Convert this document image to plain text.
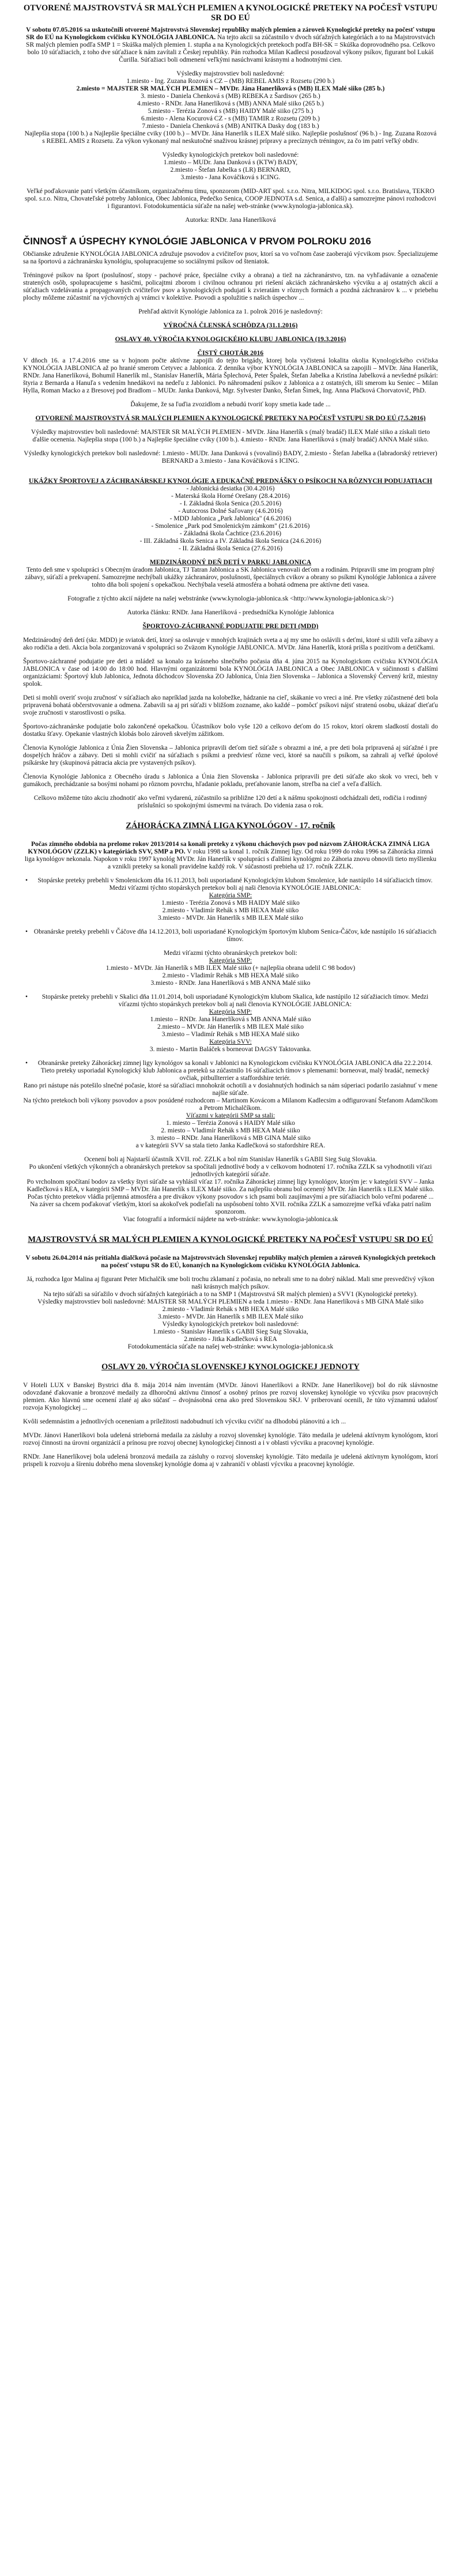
OTVORENÉ MAJSTROVSTVÁ SR MALÝCH PLEMIEN A KYNOLOGICKÉ PRETEKY NA POČESŤ VSTUPU SR DO EÚ

V sobotu 07.05.2016 sa uskutočnili otvorené Majstrovstvá Slovenskej republiky malých plemien a zároveň Kynologické preteky na počesť vstupu SR do EÚ na Kynologickom cvičisku KYNOLÓGIA JABLONICA. Na tejto akcii sa zúčastnilo v dvoch súťažných kategóriách a to na Majstrovstvách SR malých plemien podľa SMP 1 = Skúška malých plemien 1. stupňa a na Kynologických pretekoch podľa BH-SK = Skúška doprovodného psa. Celkovo bolo 10 súťažiacich, z toho dve súťažiace k nám zavítali z Českej republiky. Pán rozhodca Milan Kadlecsi posudzoval výkony psíkov, figurant bol Lukáš Čurilla. Súťažiaci boli odmenení veľkými nasúchvami krásnymi a hodnotnými cien.

Výsledky majstrovstiev boli nasledovné:
1.miesto - Ing. Zuzana Rozová s CZ – (MB) REBEL AMIS z Rozsetu (290 b.)
2.miesto = MAJSTER SR MALÝCH PLEMIEN – MVDr. Jána Hanerlíková s (MB) ILEX Malé siiko (285 b.)
3. miesto - Daniela Chenková s (MB) REBEKA z Šardisov (265 b.)
4.miesto - RNDr. Jana Hanerlíková s (MB) ANNA Malé siiko (265 b.)
5.miesto - Terézia Zonová s (MB) HAIDY Malé siiko (275 b.)
6.miesto - Alena Kocurová CZ - s (MB) TAMIR z Rozsetu (209 b.)
7.miesto - Daniela Chenková s (MB) ANITKA Dasky dog (183 b.)
Najlepšia stopa (100 b.) a Najlepšie špeciálne cviky (100 b.) – MVDr. Jána Hanerlík s ILEX Malé siiko. Najlepšie poslušnosť (96 b.) - Ing. Zuzana Rozová s REBEL AMIS z Rozsetu. Za výkon vykonaný mal neskutočné snaživou krásnej prípravy a precíznych tréningov, za čo im patrí veľký obdiv.
Výsledky kynologických pretekov boli nasledovné:
1.miesto – MUDr. Jana Danková s (KTW) BADY,
2.miesto - Štefan Jabelka s (LR) BERNARD,
3.miesto - Jana Kováčiková s ICING.

Veľké poďakovanie patrí všetkým účastníkom, organizačnému tímu, sponzorom (MID-ART spol. s.r.o. Nitra, MILKIDOG spol. s.r.o. Bratislava, TEKRO spol. s.r.o. Nitra, Chovateľské potreby Jablonica, Obec Jablonica, Pedečko Senica, COOP JEDNOTA s.d. Senica, a ďalší) a samozrejme pánovi rozhodcovi i figurantovi. Fotodokumentácia súťaže na našej web-stránke (www.kynologia-jablonica.sk).

Autorka: RNDr. Jana Hanerlíková

ČINNOSŤ A ÚSPECHY KYNOLÓGIE JABLONICA V PRVOM POLROKU 2016

Občianske združenie KYNOLÓGIA JABLONICA združuje psovodov a cvičiteľov psov, ktorí sa vo voľnom čase zaoberajú výcvikom psov. Špecializujeme sa na športovú a záchranársku kynológiu, spolupracujeme so sociálnymi psíkov od šteniatok.

Tréningové psíkov na šport (poslušnosť, stopy - pachové práce, špeciálne cviky a obrana) a tiež na záchranárstvo, tzn. na vyhľadávanie a označenie stratených osôb, spolupracujeme s hasičmi, policajtmi zborom i civilnou ochranou pri riešení akciách záchranárskeho výcviku a aj ostatných akcií a súťažiach vzdelávania a propagovaných cvičiteľov psov a kynologických podujatí k zvieratám v rôznych formách a pozdná záchranárov k ... v priebehu plochy môžeme zúčastniť na výchovných aj vrámci v kolektíve. Psovodi a spolužitie s našich úspechov ...

Prehľad aktivít Kynológie Jablonica za 1. polrok 2016 je nasledovný:

VÝROČNÁ ČLENSKÁ SCHÔDZA (31.1.2016)
OSLAVY 40. VÝROČIA KYNOLOGICKÉHO KLUBU JABLONICA (19.3.2016)
ČISTÝ CHOTÁR 2016

V dňoch 16. a 17.4.2016 sme sa v hojnom počte aktívne zapojili do tejto brigády, ktorej bola vyčistená lokalita okolia Kynologického cvičiska KYNOLÓGIA JABLONICA až po hranié smerom Cetyvec a Jablonica. Z denníka výbor KYNOLÓGIA JABLONICA sa zapojili – MVDr. Jána Hanerlík, RNDr. Jana Hanerlíková, Bohumil Hanerlík ml., Stanislav Hanerlík, Mária Šplechová, Peter Špalek, Štefan Jabelka a Kristína Jabelková a nevšedné psíkári: štyria z Bernarda a Hanuľa s vedením hnedákovi na nedeľu z Jablonici. Po náhromadení psíkov z Jablonica a z ostatných, išli smerom ku Seniec – Milan Hylla, Roman Macko a z Bresovej pod Bradlom – MUDr. Janka Danková, Mgr. Sylvester Danko, Štefan Šimek, Ing. Anna Plačková Chorvatovič, PhD.

Ďakujeme, že sa ľuďia zvozidlom a nebudú tvoriť kopy smetia kade tade ...

OTVORENÉ MAJSTROVSTVÁ SR MALÝCH PLEMIEN A KYNOLOGICKÉ PRETEKY NA POČESŤ VSTUPU SR DO EÚ (7.5.2016)

Výsledky majstrovstiev boli nasledovné: MAJSTER SR MALÝCH PLEMIEN - MVDr. Jána Hanerlík s (malý bradáč) ILEX Malé siiko a získali tieto ďalšie ocenenia. Najlepšia stopa (100 b.) a Najlepšie špeciálne cviky (100 b.). 4.miesto - RNDr. Jana Hanerlíková s (malý bradáč) ANNA Malé siiko.

Výsledky kynologických pretekov boli nasledovné: 1.miesto - MUDr. Jana Danková s (vovalinó) BADY, 2.miesto - Štefan Jabelka a (labradorský retriever) BERNARD a 3.miesto - Jana Kováčiková s ICING.

UKÁŽKY ŠPORTOVEJ A ZÁCHRANÁRSKEJ KYNOLÓGIE A EDUKAČNÉ PREDNÁŠKY O PSÍKOCH NA RÔZNYCH PODUJATIACH
- Jablonická desiatka (30.4.2016)
- Materská škola Horné Orešany (28.4.2016)
- I. Základná škola Senica (20.5.2016)
- Autocross Dolné Saľovany (4.6.2016)
- MDD Jablonica „Park Jablonica" (4.6.2016)
- Smolenice „Park pod Smolenickým zámkom" (21.6.2016)
- Základná škola Čachtice (23.6.2016)
- III. Základná škola Senica a IV. Základná škola Senica (24.6.2016)
- II. Základná škola Senica (27.6.2016)
MEDZINÁRODNÝ DEŇ DETÍ V PARKU JABLONICA

Tento deň sme v spolupráci s Obecným úradom Jablonica, TJ Tatran Jablonica a SK Jablonica venovali deťom a rodinám. Pripravili sme im program plný zábavy, súťaží a prekvapení. Samozrejme nechýbali ukážky záchranárov, poslušnosti, špeciálnych cvikov a obrany so psíkmi Kynológie Jablonica a závere tohto dňa boli spojení s opekačkou. Nechýbala veselá atmosféra a bohatá odmena pre aktívne deti vasea.

Fotografie z týchto akcií nájdete na našej webstránke (www.kynologia-jablonica.sk <http://www.kynologia-jablonica.sk/>)

Autorka článku: RNDr. Jana Hanerlíková - predsedníčka Kynológie Jablonica

ŠPORTOVO-ZÁCHRANNÉ PODUJATIE PRE DETI (MDD)

Medzinárodný deň detí (skr. MDD) je sviatok detí, ktorý sa oslavuje v mnohých krajinách sveta a aj my sme ho oslávili s deťmi, ktoré si užili veľa zábavy a ako rodičia a deti. Akcia bola zorganizovaná v spolupráci so Zväzom Kynológie JABLONICA. MVDr. Jána Hanerlík, ktorá prišla s pozitívom a detičkami.

Športovo-záchranné podujatie pre deti a mládež sa konalo za krásneho slnečného počasia dňa 4. júna 2015 na Kynologickom cvičisku KYNOLÓGIA JABLONICA v čase od 14:00 do 18:00 hod. Hlavnými organizátormi bola KYNOLÓGIA JABLONICA a Obec JABLONICA v súčinnosti s ďalšími organizáciami: Športový klub Jablonica, Jednota dôchodcov Slovenska ZO Jablonica, Únia žien Slovenska – Jablonica a Slovenský Červený kríž, miestny spolok.

Deti si mohli overiť svoju zručnosť v súťažiach ako napríklad jazda na kolobežke, hádzanie na cieľ, skákanie vo vreci a iné. Pre všetky zúčastnené deti bola pripravená bohatá občerstvovanie a odmena. Zabavili sa aj pri súťaži v bližšom zozname, ako každé – pomôcť psíkovi nájsť stratenú osobu, ukázať dieťaťu svoje zručnosti v starostlivosti o psíka.

Športovo-záchranárske podujatie bolo zakončené opekačkou. Účastníkov bolo vyše 120 a celkovo deťom do 15 rokov, ktorí okrem sladkostí dostali do dostatku šťavy. Opekanie vlastných klobás bolo zároveň skvelým zážitkom.

Členovia Kynológie Jablonica z Únia Žien Slovenska – Jablonica pripravili deťom tiež súťaže s obrazmi a iné, a pre deti bola pripravená aj súťažné i pre dospelých hráčov a zábavy. Deti si mohli cvičiť na súťažiach s psíkmi a predviesť rôzne veci, ktoré sa naučili s psíkom, sa zahrali aj veľké úpolové psíkárske hry (skupinová pátracia akcia pre vystavených psíkov).

Členovia Kynológie Jablonica z Obecného úradu s Jablonica a Únia žien Slovenska - Jablonica pripravili pre deti súťaže ako skok vo vreci, beh v gumákoch, prechádzanie sa bosými nohami po rôznom povrchu, hľadanie pokladu, preťahovanie lanom, streľba na cieľ a veľa ďalších.

Celkovo môžeme túto akciu zhodnotiť ako veľmi vydarenú, zúčastnilo sa približne 120 detí a k nášmu spokojnosti odchádzali deti, rodičia i rodinný príslušníci so spokojnými úsmevmi na tvárach. Do videnia zasa o rok.

ZÁHORÁCKA ZIMNÁ LIGA KYNOLÓGOV - 17. ročník

Počas zimného obdobia na prelome rokov 2013/2014 sa konali preteky z výkonu cháchových psov pod názvom ZÁHORÁCKA ZIMNÁ LIGA KYNOLÓGOV (ZZLK) v kategóriách SVV, SMP a PO. V roku 1998 sa konal 1. ročník Zimnej ligy. Od roku 1999 do roku 1996 sa Záhorácka zimná liga kynológov nekonala. Napokon v roku 1997 kynológ MVDr. Ján Hanerlík v spolupráci s ďalšími kynológmi zo Záhoria znovu obnovili tieto myšlienku a vznikli preteky sa konali pravidelne každý rok. V súčasnosti prebieha už 17. ročník ZZLK.

• Stopárske preteky prebehli v Smolenickom dňa 16.11.2013, boli usporiadané Kynologickým klubom Smolenice, kde nastúpilo 14 súťažiacich tímov. Medzi víťazmi týchto stopárskych pretekov boli aj naši členovia KYNOLÓGIE JABLONICA:
Kategória SMP:
1.miesto - Terézia Zonová s MB HAIDY Malé siiko
2.miesto - Vladimír Rehák s MB HEXA Malé siiko
3.miesto - MVDr. Ján Hanerlík s MB ILEX Malé siiko
• Obranárske preteky prebehli v Čáčove dňa 14.12.2013, boli usporiadané Kynologickým športovým klubom Senica-Čáčov, kde nastúpilo 16 súťažiacich tímov.
Medzi víťazmi týchto obranárskych pretekov boli:
Kategória SMP:
1.miesto - MVDr. Ján Hanerlík s MB ILEX Malé siiko (+ najlepšia obrana udelil C 98 bodov)
2.miesto - Vladimír Rehák s MB HEXA Malé siiko
3.miesto - RNDr. Jana Hanerlíková s MB ANNA Malé siiko
• Stopárske preteky prebehli v Skalici dňa 11.01.2014, boli usporiadané Kynologickým klubom Skalica, kde nastúpilo 12 súťažiacich tímov. Medzi víťazmi týchto stopárskych pretekov boli aj naši členovia KYNOLÓGIE JABLONICA:
Kategória SMP:
1.miesto – RNDr. Jana Hanerlíková s MB ANNA Malé siiko
2.miesto – MVDr. Ján Hanerlík s MB ILEX Malé siiko
3.miesto – Vladimír Rehák s MB HEXA Malé siiko
Kategória SVV:
3. miesto - Martin Baláček s borneovat DAGSY Taktovanka.
• Obranárske preteky Záhoráckej zimnej ligy kynológov sa konali v Jablonici na Kynologickom cvičisku KYNOLÓGIA JABLONICA dňa 22.2.2014. Tieto preteky usporiadal Kynologický klub Jablonica a preteků sa zúčastnilo 16 súťažiacich tímov s plemenami: borneovat, malý bradáč, nemecký ovčiak, pitbullterrier a staffordshire teriér.
Rano pri nástupe nás potešilo slnečné počasie, ktoré sa súťažiaci mnohokrát ochotili a v dosiahnutých hodinách sa nám súperiaci podarilo zasiahnuť v mene najšie súťaže.
Na týchto pretekoch boli výkony psovodov a psov posúdené rozhodcom – Martinom Kovácom a Milanom Kadlecsim a odfigurovaní Štefanom Adamčíkom a Petrom Michalčíkom.
Víťazmi v kategórii SMP sa stali:
1. miesto – Terézia Zonová s HAIDY Malé siiko
2. miesto – Vladimír Rehák s MB HEXA Malé siiko
3. miesto – RNDr. Jana Hanerlíková s MB GINA Malé siiko
a v kategórii SVV sa stala tieto Janka Kadlečková so stafordshire REA.
Ocenení boli aj Najstarší účastník XVII. roč. ZZLK a bol ním Stanislav Hanerlík s GABII Sieg Suig Slovakia.
Po ukončení všetkých výkonných a obranárskych pretekov sa spočítali jednotlivé body a v celkovom hodnotení 17. ročníka ZZLK sa vyhodnotili víťazi jednotlivých kategórií súťaže.
Po vrcholnom spočítaní bodov za všetky štyri súťaže sa vyhlásil víťaz 17. ročníka Záhoráckej zimnej ligy kynológov, ktorým je: v kategórii SVV – Janka Kadlečková s REA, v kategórii SMP – MVDr. Ján Hanerlík s ILEX Malé siiko. Za najlepšiu obranu bol ocenený MVDr. Ján Hanerlík s ILEX Malé siiko.
Počas týchto pretekov vládla príjemná atmosféra a pre divákov výkony psovodov s ich psami boli zaujímavými a pre súťažiacich bolo veľmi podarené ...
Na záver sa chcem poďakovať všetkým, ktorí sa akokoľvek podieľali na uspôsobení tohto XVII. ročníka ZZLK a samozrejme veľká vďaka patrí našim sponzorom.
Viac fotografií a informácií nájdete na web-stránke: www.kynologia-jablonica.sk
MAJSTROVSTVÁ SR MALÝCH PLEMIEN A KYNOLOGICKÉ PRETEKY NA POČESŤ VSTUPU SR DO EÚ

V sobotu 26.04.2014 nás prítiahla dialčková počasie na Majstrovstvách Slovenskej republiky malých plemien a zároveň Kynologických pretekoch na počesť vstupu SR do EÚ, konaných na Kynologickom cvičisku KYNOLÓGIA Jablonica.

Já, rozhodca Igor Malina aj figurant Peter Michalčík sme boli trochu zklamaní z počasia, no nebrali sme to na dobrý náklad. Mali sme presvedčivý výkon naši krásnych malých psíkov.
Na tejto súťaži sa súťažilo v dvoch súťažných kategóriách a to na SMP 1 (Majstrovstvá SR malých plemien) a SVV1 (Kynologické preteky).
Výsledky majstrovstiev boli nasledovné: MAJSTER SR MALÝCH PLEMIEN a teda 1.miesto - RNDr. Jana Hanerlíková s MB GINA Malé siiko
2.miesto - Vladimír Rehák s MB HEXA Malé siiko
3.miesto - MVDr. Ján Hanerlík s MB ILEX Malé siiko
Výsledky kynologických pretekov boli nasledovné:
1.miesto - Stanislav Hanerlík s GABII Sieg Suig Slovakia,
2.miesto - Jitka Kadlečková s REA
Fotodokumentácia súťaže na našej web-stránke: www.kynologia-jablonica.sk
OSLAVY 20. VÝROČIA SLOVENSKEJ KYNOLOGICKEJ JEDNOTY

V Hoteli LUX v Banskej Bystrici dňa 8. mája 2014 nám inventám (MVDr. Jánovi Hanerlíkovi a RNDr. Jane Hanerlíkovej) bol do rúk slávnostne odovzdané ďakovanie a bronzové medaily za dlhoročnú aktívnu činnosť a osobný prínos pre rozvoj slovenskej kynológie vo výcviku psov pracovných plemien. Ako hlavnú sme ocenení zlaté aj ako súčasť – dvojnásobná cena ako pred Slovenskou SKJ. V priberovaní ocenili, že túto významnú udalosť rozvoja Kynologickej ...

Kvôli sedemnástim a jednotlivých oceneniam a príležitosti nadobudnutí ich výcviku cvičiť na dlhodobú plánovitú a ich ...

MVDr. Jánovi Hanerlíkovi bola udelená strieborná medaila za zásluhy a rozvoj slovenskej kynológie. Táto medaila je udelená aktívnym kynológom, ktorí rozvoj činnosti na úrovni organizácií a prínosu pre rozvoj obecnej kynologickej činnosti a i v oblasti výcviku a pracovnej kynológie.

RNDr. Jane Hanerlíkovej bola udelená bronzová medaila za zásluhy o rozvoj slovenskej kynológie. Táto medaila je udelená aktívnym kynológom, ktorí prispeli k rozvoju a šíreniu dobrého mena slovenskej kynológie doma aj v zahraničí v oblasti výcviku a pracovnej kynológie.
